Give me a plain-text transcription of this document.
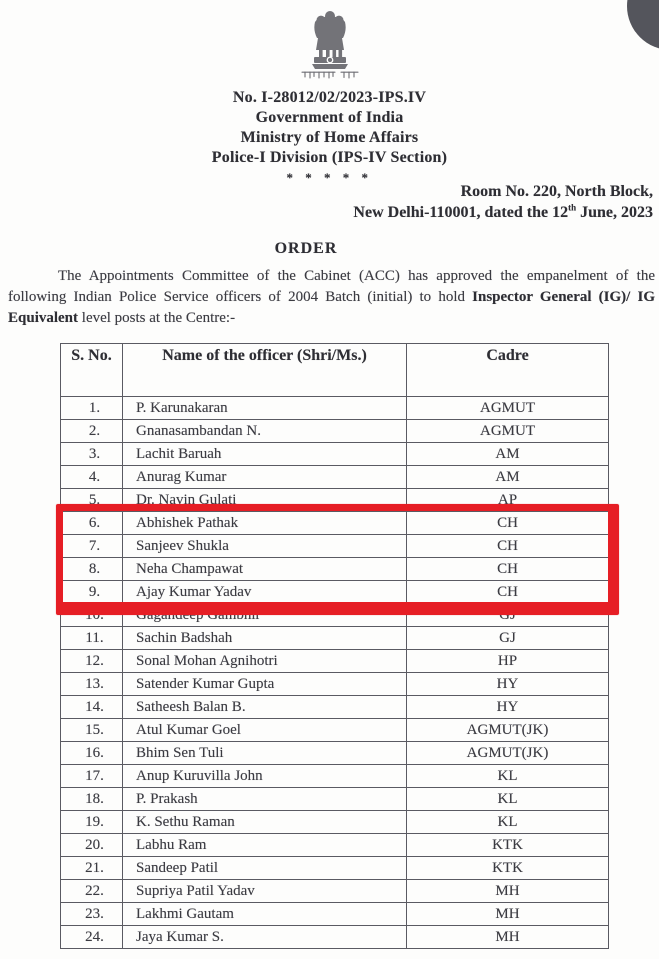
No. I-28012/02/2023-IPS.IV
Government of India
Ministry of Home Affairs
Police-I Division (IPS-IV Section)
* * * * *
Room No. 220, North Block,
New Delhi-110001, dated the 12th June, 2023
ORDER
The Appointments Committee of the Cabinet (ACC) has approved the empanelment of the following Indian Police Service officers of 2004 Batch (initial) to hold Inspector General (IG)/ IG Equivalent level posts at the Centre:-
S. No.	Name of the officer (Shri/Ms.)	Cadre
1.	P. Karunakaran	AGMUT
2.	Gnanasambandan N.	AGMUT
3.	Lachit Baruah	AM
4.	Anurag Kumar	AM
5.	Dr. Navin Gulati	AP
6.	Abhishek Pathak	CH
7.	Sanjeev Shukla	CH
8.	Neha Champawat	CH
9.	Ajay Kumar Yadav	CH
10.	Gagandeep Gambhir	GJ
11.	Sachin Badshah	GJ
12.	Sonal Mohan Agnihotri	HP
13.	Satender Kumar Gupta	HY
14.	Satheesh Balan B.	HY
15.	Atul Kumar Goel	AGMUT(JK)
16.	Bhim Sen Tuli	AGMUT(JK)
17.	Anup Kuruvilla John	KL
18.	P. Prakash	KL
19.	K. Sethu Raman	KL
20.	Labhu Ram	KTK
21.	Sandeep Patil	KTK
22.	Supriya Patil Yadav	MH
23.	Lakhmi Gautam	MH
24.	Jaya Kumar S.	MH
